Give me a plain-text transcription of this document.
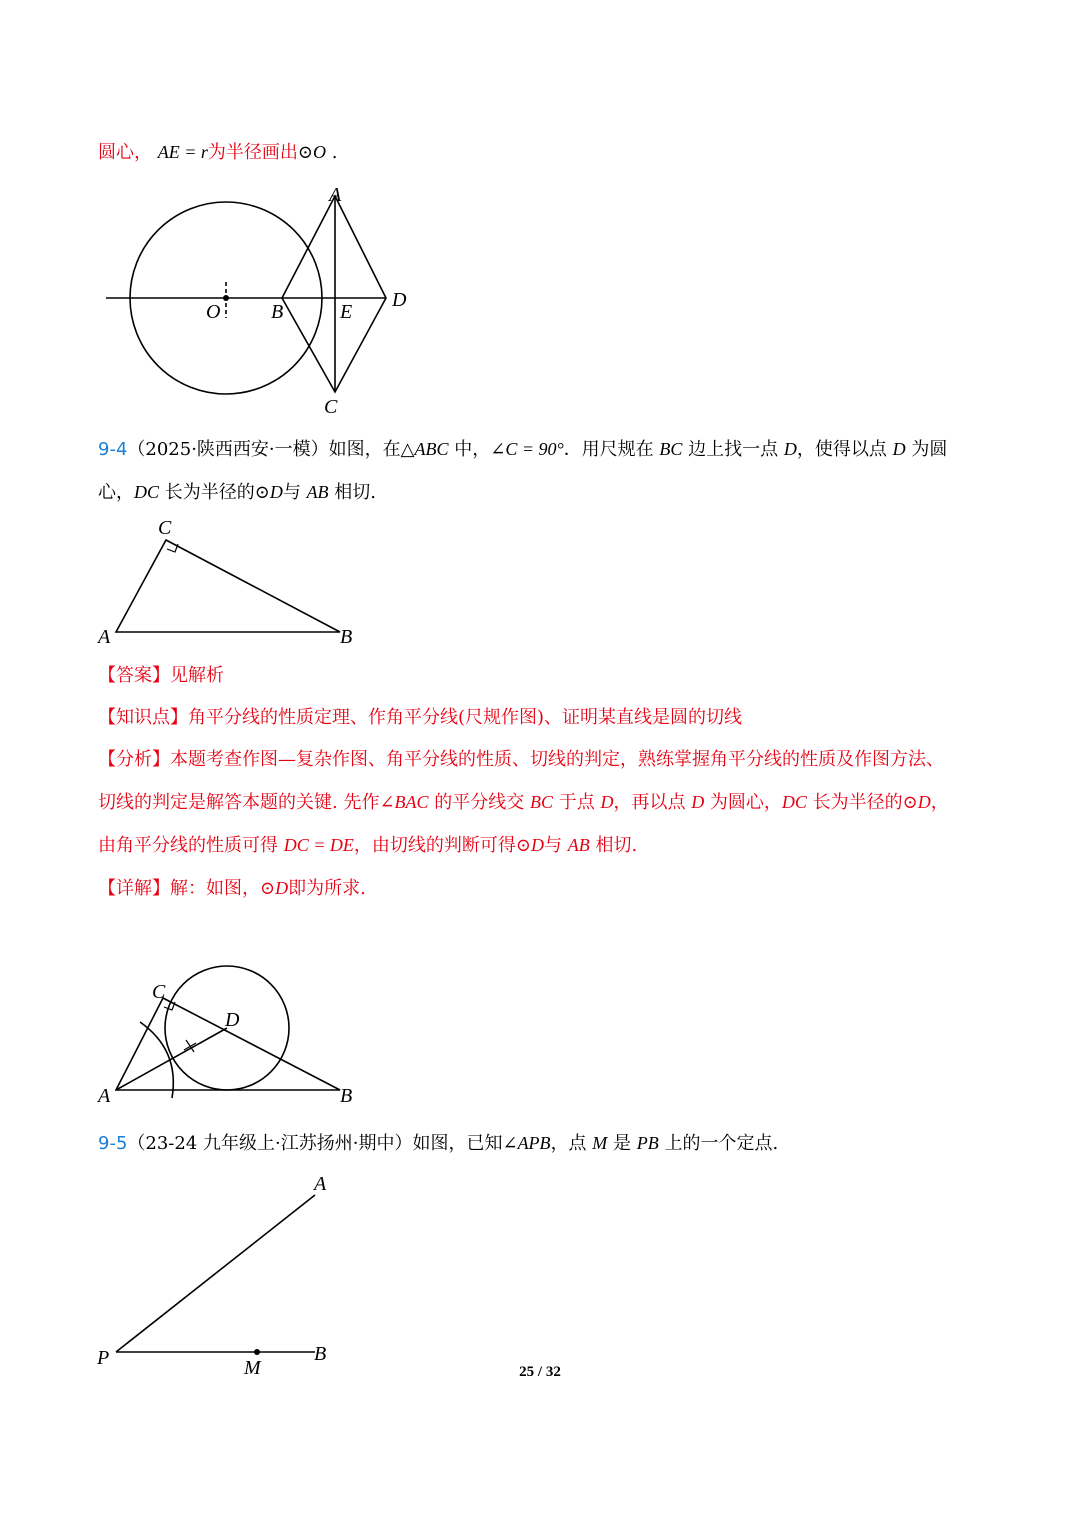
圆心， AE = r为半径画出⊙O .
A
O	B	E
D
C
9-4（2025·陕西西安·一模）如图，在△ABC 中，∠C = 90°．用尺规在 BC 边上找一点 D，使得以点 D 为圆
心，DC 长为半径的⊙D与 AB 相切.
C
A	B
【答案】见解析
【知识点】角平分线的性质定理、作角平分线(尺规作图)、证明某直线是圆的切线
【分析】本题考查作图—复杂作图、角平分线的性质、切线的判定，熟练掌握角平分线的性质及作图方法、
切线的判定是解答本题的关键. 先作∠BAC 的平分线交 BC 于点 D，再以点 D 为圆心，DC 长为半径的⊙D，
由角平分线的性质可得 DC = DE，由切线的判断可得⊙D与 AB 相切.
【详解】解：如图，⊙D即为所求.
C
D
A	B
9-5（23-24 九年级上·江苏扬州·期中）如图，已知∠APB，点 M 是 PB 上的一个定点.
A
P	M
B
25 / 32
